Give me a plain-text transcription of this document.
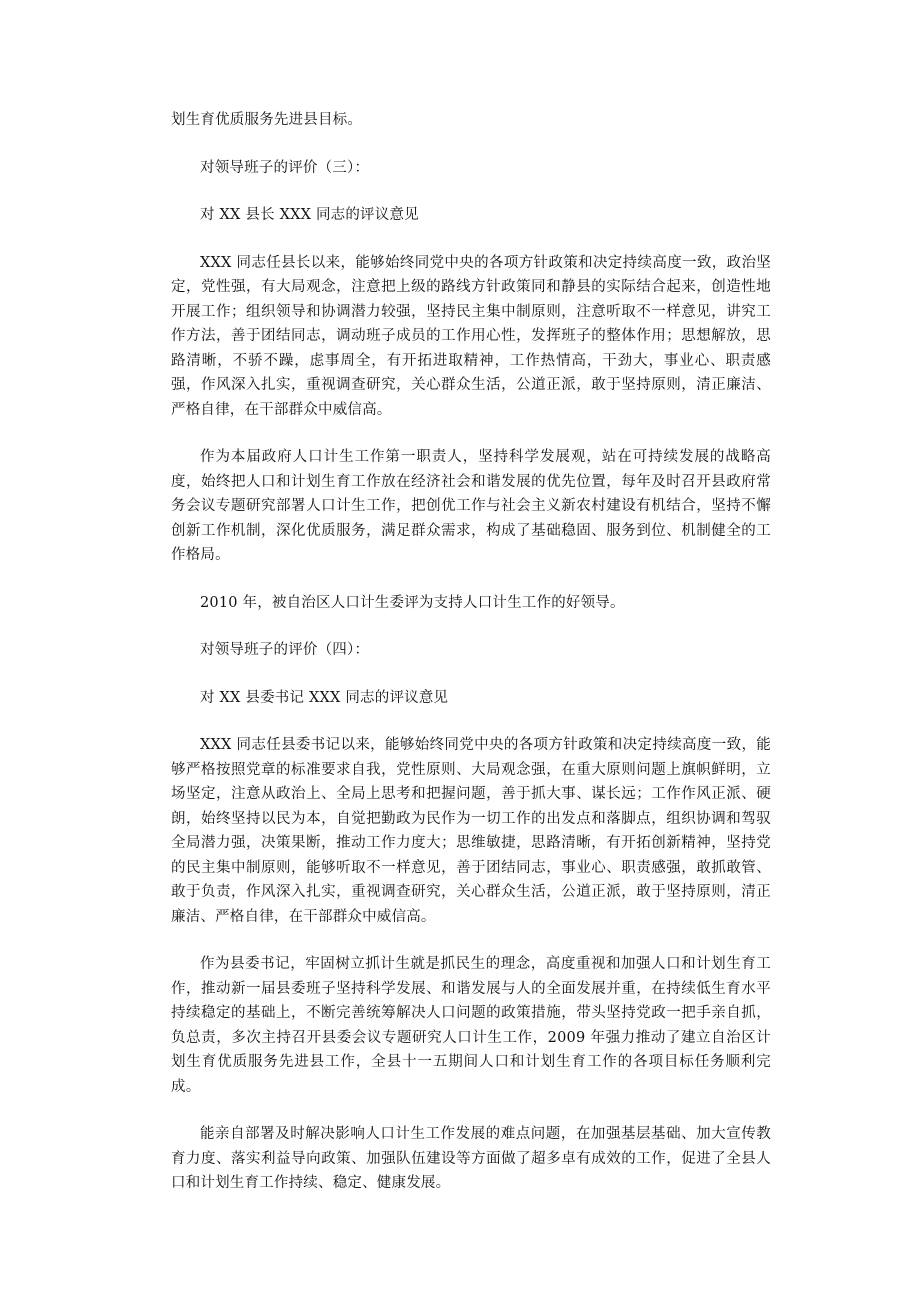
划生育优质服务先进县目标。

对领导班子的评价（三）：

对 XX 县长 XXX 同志的评议意见

XXX 同志任县长以来，能够始终同党中央的各项方针政策和决定持续高度一致，政治坚定，党性强，有大局观念，注意把上级的路线方针政策同和静县的实际结合起来，创造性地开展工作；组织领导和协调潜力较强，坚持民主集中制原则，注意听取不一样意见，讲究工作方法，善于团结同志，调动班子成员的工作用心性，发挥班子的整体作用；思想解放，思路清晰，不骄不躁，虑事周全，有开拓进取精神，工作热情高，干劲大，事业心、职责感强，作风深入扎实，重视调查研究，关心群众生活，公道正派，敢于坚持原则，清正廉洁、严格自律，在干部群众中威信高。

作为本届政府人口计生工作第一职责人，坚持科学发展观，站在可持续发展的战略高度，始终把人口和计划生育工作放在经济社会和谐发展的优先位置，每年及时召开县政府常务会议专题研究部署人口计生工作，把创优工作与社会主义新农村建设有机结合，坚持不懈创新工作机制，深化优质服务，满足群众需求，构成了基础稳固、服务到位、机制健全的工作格局。

2010 年，被自治区人口计生委评为支持人口计生工作的好领导。

对领导班子的评价（四）：

对 XX 县委书记 XXX 同志的评议意见

XXX 同志任县委书记以来，能够始终同党中央的各项方针政策和决定持续高度一致，能够严格按照党章的标准要求自我，党性原则、大局观念强，在重大原则问题上旗帜鲜明，立场坚定，注意从政治上、全局上思考和把握问题，善于抓大事、谋长远；工作作风正派、硬朗，始终坚持以民为本，自觉把勤政为民作为一切工作的出发点和落脚点，组织协调和驾驭全局潜力强，决策果断，推动工作力度大；思维敏捷，思路清晰，有开拓创新精神，坚持党的民主集中制原则，能够听取不一样意见，善于团结同志，事业心、职责感强，敢抓敢管、敢于负责，作风深入扎实，重视调查研究，关心群众生活，公道正派，敢于坚持原则，清正廉洁、严格自律，在干部群众中威信高。

作为县委书记，牢固树立抓计生就是抓民生的理念，高度重视和加强人口和计划生育工作，推动新一届县委班子坚持科学发展、和谐发展与人的全面发展并重，在持续低生育水平持续稳定的基础上，不断完善统筹解决人口问题的政策措施，带头坚持党政一把手亲自抓，负总责，多次主持召开县委会议专题研究人口计生工作，2009 年强力推动了建立自治区计划生育优质服务先进县工作，全县十一五期间人口和计划生育工作的各项目标任务顺利完成。

能亲自部署及时解决影响人口计生工作发展的难点问题，在加强基层基础、加大宣传教育力度、落实利益导向政策、加强队伍建设等方面做了超多卓有成效的工作，促进了全县人口和计划生育工作持续、稳定、健康发展。
